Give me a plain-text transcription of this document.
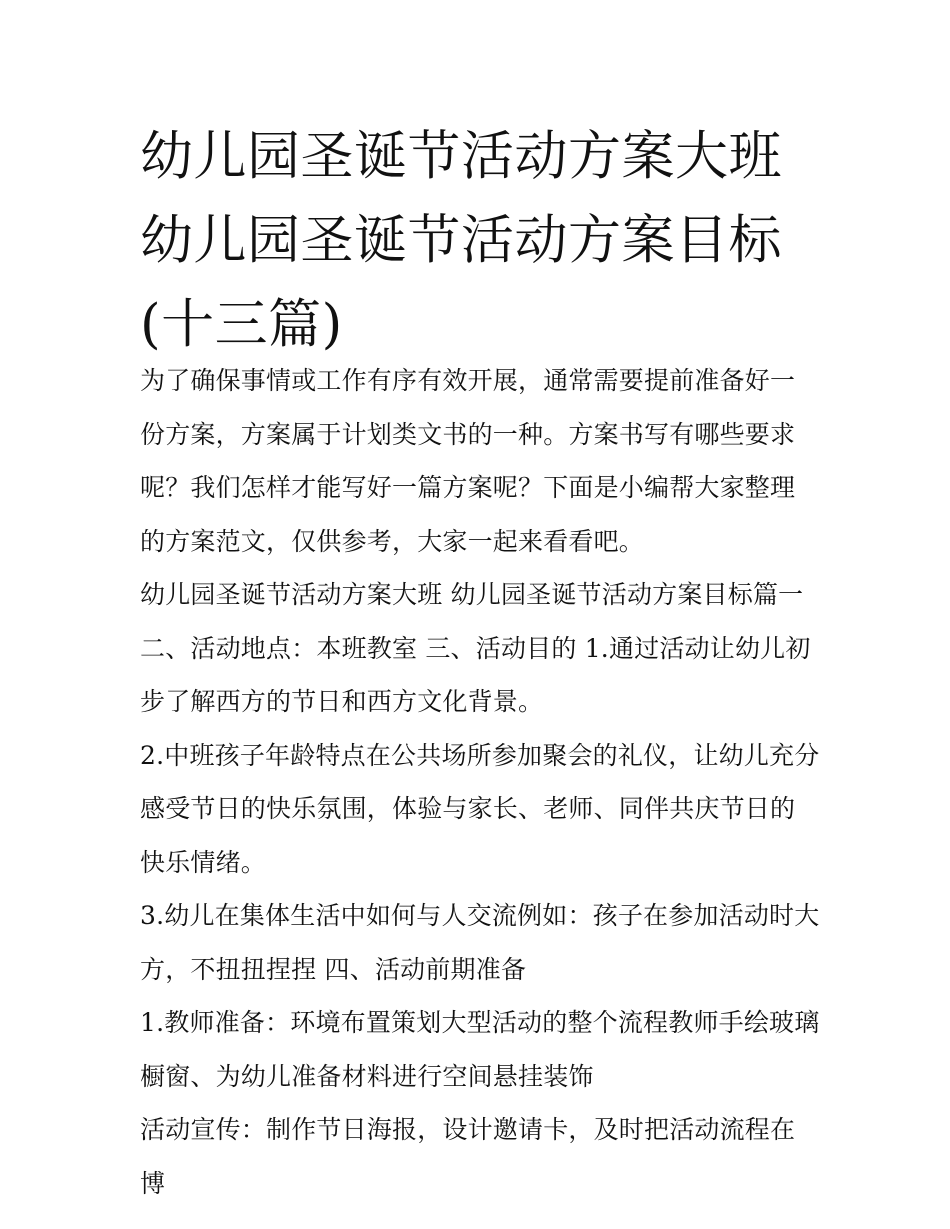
幼儿园圣诞节活动方案大班 幼儿园圣诞节活动方案目标(十三篇)

为了确保事情或工作有序有效开展，通常需要提前准备好一份方案，方案属于计划类文书的一种。方案书写有哪些要求呢？我们怎样才能写好一篇方案呢？下面是小编帮大家整理的方案范文，仅供参考，大家一起来看看吧。

幼儿园圣诞节活动方案大班 幼儿园圣诞节活动方案目标篇一二、活动地点：本班教室 三、活动目的 1.通过活动让幼儿初步了解西方的节日和西方文化背景。

2.中班孩子年龄特点在公共场所参加聚会的礼仪，让幼儿充分感受节日的快乐氛围，体验与家长、老师、同伴共庆节日的快乐情绪。

3.幼儿在集体生活中如何与人交流例如：孩子在参加活动时大方，不扭扭捏捏 四、活动前期准备

1.教师准备：环境布置策划大型活动的整个流程教师手绘玻璃橱窗、为幼儿准备材料进行空间悬挂装饰

活动宣传：制作节日海报，设计邀请卡，及时把活动流程在博
